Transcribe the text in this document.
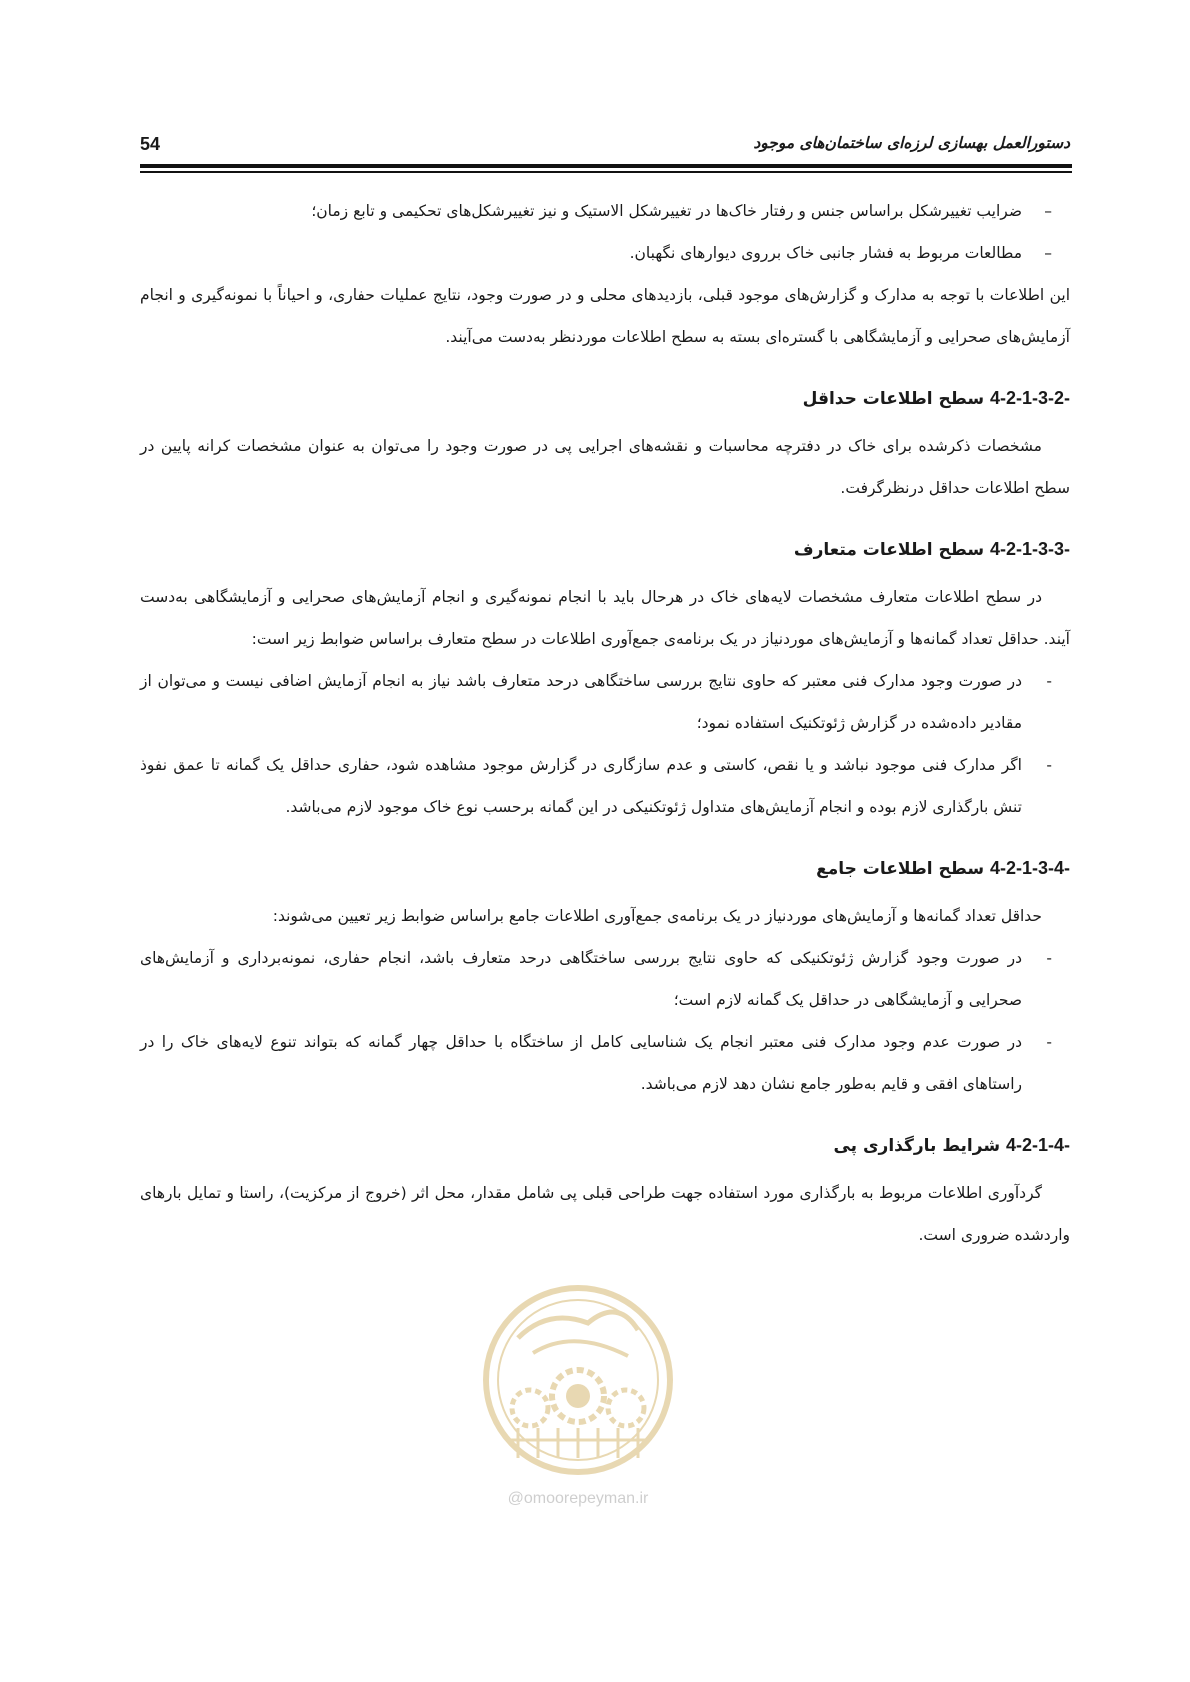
54	دستورالعمل بهسازی لرزه‌ای ساختمان‌های موجود

–
ضرایب تغییرشکل براساس جنس و رفتار خاک‌ها در تغییرشکل الاستیک و نیز تغییرشکل‌های تحکیمی و تابع زمان؛

–
مطالعات مربوط به فشار جانبی خاک برروی دیوارهای نگهبان.

این اطلاعات با توجه به مدارک و گزارش‌های موجود قبلی، بازدیدهای محلی و در صورت وجود، نتایج عملیات حفاری، و احیاناً با نمونه‌گیری و انجام آزمایش‌های صحرایی و آزمایشگاهی با گستره‌ای بسته به سطح اطلاعات موردنظر به‌دست می‌آیند.

4-2-1-3-2- سطح اطلاعات حداقل

مشخصات ذکرشده برای خاک در دفترچه محاسبات و نقشه‌های اجرایی پی در صورت وجود را می‌توان به عنوان مشخصات کرانه پایین در سطح اطلاعات حداقل درنظرگرفت.

4-2-1-3-3- سطح اطلاعات متعارف

در سطح اطلاعات متعارف مشخصات لایه‌های خاک در هرحال باید با انجام نمونه‌گیری و انجام آزمایش‌های صحرایی و آزمایشگاهی به‌دست آیند. حداقل تعداد گمانه‌ها و آزمایش‌های موردنیاز در یک برنامه‌ی جمع‌آوری اطلاعات در سطح متعارف براساس ضوابط زیر است:

-
در صورت وجود مدارک فنی معتبر که حاوی نتایج بررسی ساختگاهی درحد متعارف باشد نیاز به انجام آزمایش اضافی نیست و می‌توان از مقادیر داده‌شده در گزارش ژئوتکنیک استفاده نمود؛

-
اگر مدارک فنی موجود نباشد و یا نقص، کاستی و عدم سازگاری در گزارش موجود مشاهده شود، حفاری حداقل یک گمانه تا عمق نفوذ تنش بارگذاری لازم بوده و انجام آزمایش‌های متداول ژئوتکنیکی در این گمانه برحسب نوع خاک موجود لازم می‌باشد.

4-2-1-3-4- سطح اطلاعات جامع

حداقل تعداد گمانه‌ها و آزمایش‌های موردنیاز در یک برنامه‌ی جمع‌آوری اطلاعات جامع براساس ضوابط زیر تعیین می‌شوند:

-
در صورت وجود گزارش ژئوتکنیکی که حاوی نتایج بررسی ساختگاهی درحد متعارف باشد، انجام حفاری، نمونه‌برداری و آزمایش‌های صحرایی و آزمایشگاهی در حداقل یک گمانه لازم است؛

-
در صورت عدم وجود مدارک فنی معتبر انجام یک شناسایی کامل از ساختگاه با حداقل چهار گمانه که بتواند تنوع لایه‌های خاک را در راستاهای افقی و قایم به‌طور جامع نشان دهد لازم می‌باشد.

4-2-1-4- شرایط بارگذاری پی

گردآوری اطلاعات مربوط به بارگذاری مورد استفاده جهت طراحی قبلی پی شامل مقدار، محل اثر (خروج از مرکزیت)، راستا و تمایل بارهای واردشده ضروری است.

@omoorepeyman.ir
